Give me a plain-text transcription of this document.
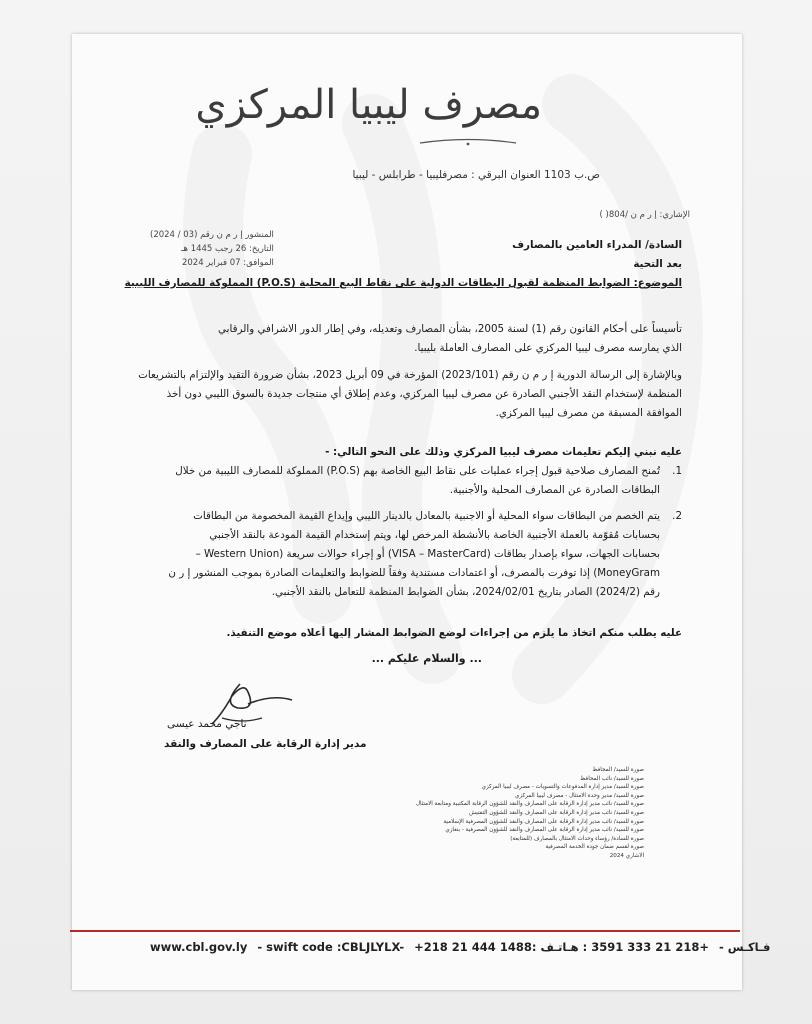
مصرف ليبيا المركزي
ص.ب 1103 العنوان البرقي : مصرفليبيا - طرابلس - ليبيا
الإشاري: إ ر م ن /804( )
المنشور إ ر م ن رقم (03 / 2024)
التاريخ: 26 رجب 1445 هـ
الموافق: 07 فبراير 2024
السادة/ المدراء العامين بالمصارف
بعد التحية
الموضوع: الضوابط المنظمة لقبول البطاقات الدولية على نقاط البيع المحلية (P.O.S) المملوكة للمصارف الليبية
تأسيساً على أحكام القانون رقم (1) لسنة 2005، بشأن المصارف وتعديله، وفي إطار الدور الاشرافي والرقابي
الذي يمارسه مصرف ليبيا المركزي على المصارف العاملة بليبيا.
وبالإشارة إلى الرسالة الدورية إ ر م ن رقم (2023/101) المؤرخة في 09 أبريل 2023، بشأن ضرورة التقيد والإلتزام بالتشريعات
المنظمة لإستخدام النقد الأجنبي الصادرة عن مصرف ليبيا المركزي، وعدم إطلاق أي منتجات جديدة بالسوق الليبي دون أخذ
الموافقة المسبقة من مصرف ليبيا المركزي.
عليه نبني إليكم تعليمات مصرف ليبيا المركزي وذلك على النحو التالي: -
1.
تُمنح المصارف صلاحية قبول إجراء عمليات على نقاط البيع الخاصة بهم (P.O.S) المملوكة للمصارف الليبية من خلال
البطاقات الصادرة عن المصارف المحلية والأجنبية.
2.
يتم الخصم من البطاقات سواء المحلية أو الاجنبية بالمعادل بالدينار الليبي وإيداع القيمة المخصومة من البطاقات
بحسابات مُقوّمة بالعملة الأجنبية الخاصة بالأنشطة المرخص لها، ويتم إستخدام القيمة المودعة بالنقد الأجنبي
بحسابات الجهات، سواء بإصدار بطاقات (VISA – MasterCard) أو إجراء حوالات سريعة (Western Union –
MoneyGram) إذا توفرت بالمصرف، أو اعتمادات مستندية وفقاً للضوابط والتعليمات الصادرة بموجب المنشور إ ر ن
رقم (2024/2) الصادر بتاريخ 2024/02/01، بشأن الضوابط المنظمة للتعامل بالنقد الأجنبي.
عليه يطلب منكم اتخاذ ما يلزم من إجراءات لوضع الضوابط المشار إليها أعلاه موضع التنفيذ.
... والسلام عليكم ...
ناجي محمد عيسى
مدير إدارة الرقابة على المصارف والنقد
صورة للسيد/ المحافظ
صورة للسيد/ نائب المحافظ
صورة للسيد/ مدير إدارة المدفوعات والتسويات - مصرف ليبيا المركزي
صورة للسيد/ مدير وحدة الامتثال - مصرف ليبيا المركزي
صورة للسيد/ نائب مدير إدارة الرقابة على المصارف والنقد للشؤون الرقابة المكتبية ومتابعة الامتثال
صورة للسيد/ نائب مدير إدارة الرقابة على المصارف والنقد للشؤون التفتيش
صورة للسيد/ نائب مدير إدارة الرقابة على المصارف والنقد للشؤون المصرفية الإسلامية
صورة للسيد/ نائب مدير إدارة الرقابة على المصارف والنقد للشؤون المصرفية - بنغازي
صورة للسادة/ رؤساء وحدات الامتثال بالمصارف (للمتابعة)
صورة لقسم ضمان جودة الخدمة المصرفية
الاشاري 2024
www.cbl.gov.ly - swift code :CBLJLYLX- +218 21 444 1488: فـاكـس - +218 21 333 3591 : هـاتـف
